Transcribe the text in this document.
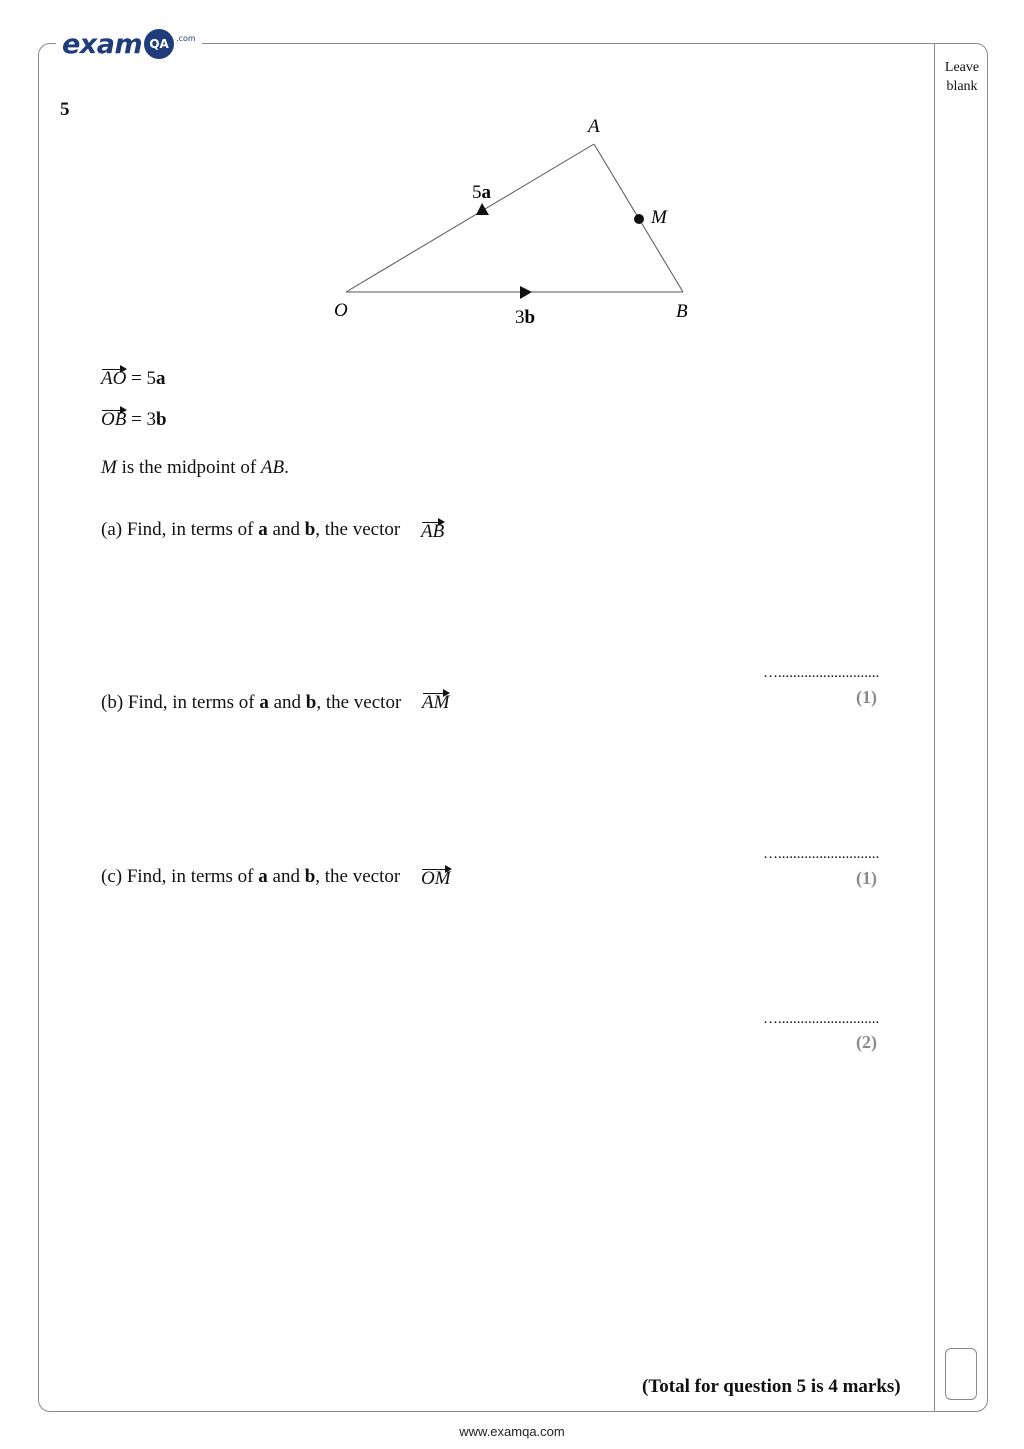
exam QA .com
Leave
blank
5
A
M
O	B
5a
3b
AO = 5a
OB = 3b
M is the midpoint of AB.
(a) Find, in terms of a and b, the vector AB
…...........................
(1)
(b) Find, in terms of a and b, the vector AM
…...........................
(1)
(c) Find, in terms of a and b, the vector OM
…...........................
(2)
(Total for question 5 is 4 marks)
www.examqa.com
